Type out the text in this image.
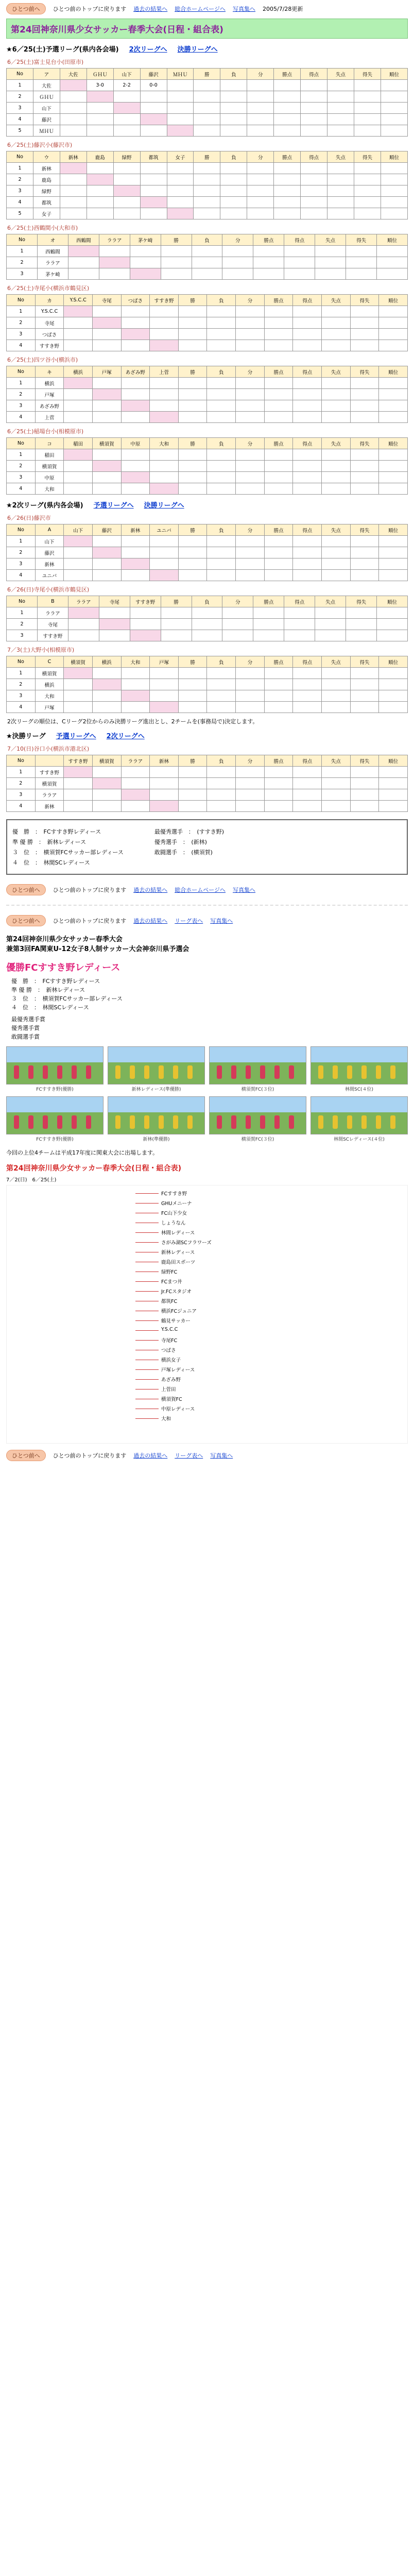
ひとつ前へ	ひとつ前のトップに戻ります 過去の結果へ 総合ホームページへ 写真集へ 2005/7/28更新
第24回神奈川県少女サッカー春季大会(日程・組合表)
★6／25(土)予選リーグ(県内各会場) 2次リーグへ 決勝リーグへ
6／25(土)富士見台小(田原市)
No	ア	大佐	ＧＨＵ	山下	藤沢	ＭＨＵ	勝	負	分	勝点	得点	失点	得失	順位
1	大佐		3-0	2-2	0-0									
2	ＧＨＵ													
3	山下													
4	藤沢													
5	ＭＨＵ													
6／25(土)藤沢小(藤沢市)
No	ウ	新林	鹿島	緑野	都筑	女子	勝	負	分	勝点	得点	失点	得失	順位
1	新林													
2	鹿島													
3	緑野													
4	都筑													
5	女子													
6／25(土)西鶴間小(大和市)
No	オ	西鶴間	ララア	茅ケ崎	勝	負	分	勝点	得点	失点	得失	順位
1	西鶴間											
2	ララア											
3	茅ケ崎											
6／25(土)寺尾小(横浜市鶴見区)
No	カ	Y.S.C.C	寺尾	つばさ	すすき野	勝	負	分	勝点	得点	失点	得失	順位
1	Y.S.C.C												
2	寺尾												
3	つばさ												
4	すすき野												
6／25(土)四ツ谷小(横浜市)
No	キ	横浜	戸塚	あざみ野	上菅	勝	負	分	勝点	得点	失点	得失	順位
1	横浜												
2	戸塚												
3	あざみ野												
4	上菅												
6／25(土)稲場台小(相模原市)
No	コ	稲田	横須賀	中原	大和	勝	負	分	勝点	得点	失点	得失	順位
1	稲田												
2	横須賀												
3	中原												
4	大和												
★2次リーグ(県内各会場) 予選リーグへ 決勝リーグへ
6／26(日)藤沢市
No	A	山下	藤沢	新林	ユニバ	勝	負	分	勝点	得点	失点	得失	順位
1	山下												
2	藤沢												
3	新林												
4	ユニバ												
6／26(日)寺尾小(横浜市鶴見区)
No	B	ララア	寺尾	すすき野	勝	負	分	勝点	得点	失点	得失	順位
1	ララア											
2	寺尾											
3	すすき野											
7／3(土)大野小(相模原市)
No	C	横須賀	横浜	大和	戸塚	勝	負	分	勝点	得点	失点	得失	順位
1	横須賀												
2	横浜												
3	大和												
4	戸塚												
2次リーグの順位は、Cリーグ2位からのみ決勝リーグ進出とし、2チームを(事務局で)決定します。
★決勝リーグ 予選リーグへ 2次リーグへ
7／10(日)谷口小(横浜市港北区)
No		すすき野	横須賀	ララア	新林	勝	負	分	勝点	得点	失点	得失	順位
1	すすき野												
2	横須賀												
3	ララア												
4	新林												
優　勝　：　FCすすき野レディース
準 優 勝　：　新林レディース
３　位　：　横須賀FCサッカー部レディース
４　位　：　林間SCレディース
最優秀選手　：　(すすき野)
優秀選手　：　(新林)
敢闘選手　：　(横須賀)
ひとつ前へ	ひとつ前のトップに戻ります 過去の結果へ 総合ホームページへ 写真集へ
ひとつ前へ	ひとつ前のトップに戻ります 過去の結果へ リーグ表へ 写真集へ
第24回神奈川県少女サッカー春季大会
兼第3回FA関東U-12女子8人制サッカー大会神奈川県予選会
優勝FCすすき野レディース
優　勝　：　FCすすき野レディース
準 優 勝　：　新林レディース
３　位　：　横須賀FCサッカー部レディース
４　位　：　林間SCレディース
最優秀選手賞
優秀選手賞
敢闘選手賞
FCすすき野(優勝)	新林レディース(準優勝)	横須賀FC(３位)	林間SC(４位)
FCすすき野(優勝)	新林(準優勝)	横須賀FC(３位)	林間SCレディース(４位)
今回の上位4チームは平成17年度に関東大会に出場します。
第24回神奈川県少女サッカー春季大会(日程・組合表)
7／2(日)　6／25(土)
FCすすき野
GHUメニーナ
FC山下少女
しょうなん
林間レディース
さがみ湖SCフラワーズ
新林レディース
鹿島田スポーツ
緑野FC
FCまつ井
Jr.FCスタジオ
都筑FC
横浜FCジュニア
鶴見サッカー
Y.S.C.C
寺尾FC
つばさ
横浜女子
戸塚レディース
あざみ野
上菅田
横須賀FC
中原レディース
大和
ひとつ前へ	ひとつ前のトップに戻ります 過去の結果へ リーグ表へ 写真集へ
